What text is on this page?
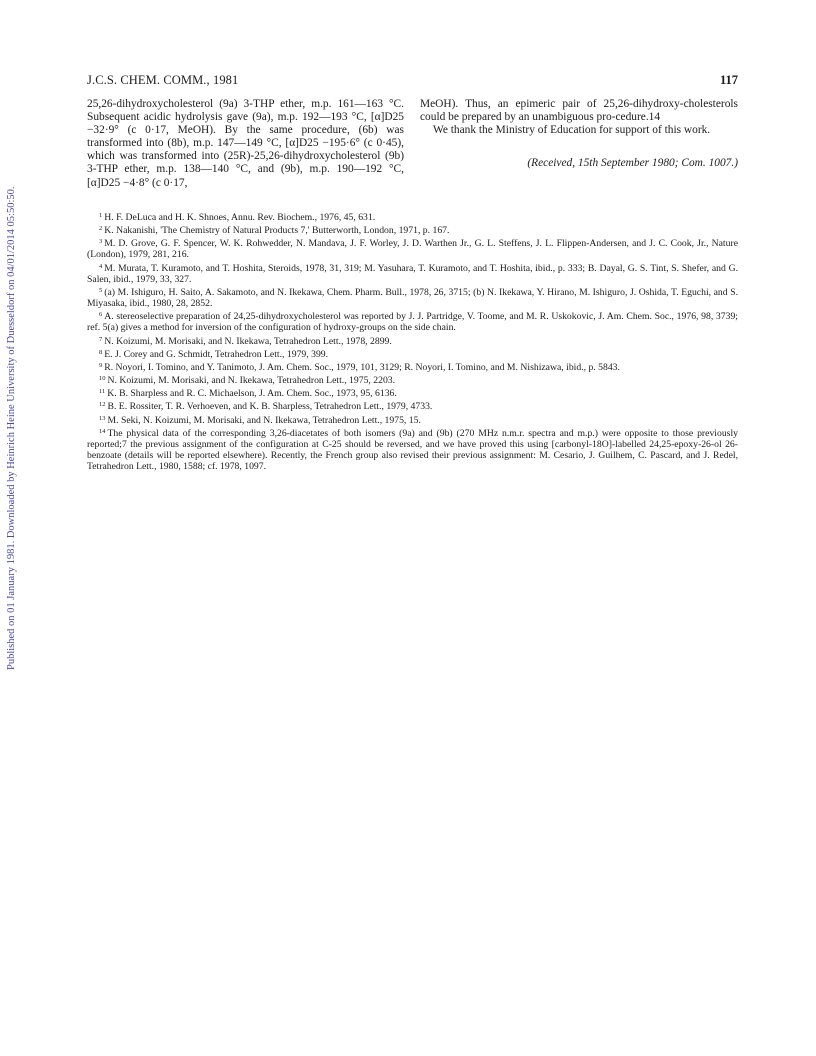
Published on 01 January 1981. Downloaded by Heinrich Heine University of Duesseldorf on 04/01/2014 05:50:50.
J.C.S. CHEM. COMM., 1981	117

25,26-dihydroxycholesterol (9a) 3-THP ether, m.p. 161—163 °C. Subsequent acidic hydrolysis gave (9a), m.p. 192—193 °C, [α]D25 −32·9° (c 0·17, MeOH). By the same procedure, (6b) was transformed into (8b), m.p. 147—149 °C, [α]D25 −195·6° (c 0·45), which was transformed into (25R)-25,26-dihydroxycholesterol (9b) 3-THP ether, m.p. 138—140 °C, and (9b), m.p. 190—192 °C, [α]D25 −4·8° (c 0·17,

MeOH). Thus, an epimeric pair of 25,26-dihydroxy-cholesterols could be prepared by an unambiguous pro-cedure.14

We thank the Ministry of Education for support of this work.

(Received, 15th September 1980; Com. 1007.)

$^1$ H. F. DeLuca and H. K. Shnoes, Annu. Rev. Biochem., 1976, 45, 631.

$^2$ K. Nakanishi, 'The Chemistry of Natural Products 7,' Butterworth, London, 1971, p. 167.

$^3$ M. D. Grove, G. F. Spencer, W. K. Rohwedder, N. Mandava, J. F. Worley, J. D. Warthen Jr., G. L. Steffens, J. L. Flippen-Andersen, and J. C. Cook, Jr., Nature (London), 1979, 281, 216.

$^4$ M. Murata, T. Kuramoto, and T. Hoshita, Steroids, 1978, 31, 319; M. Yasuhara, T. Kuramoto, and T. Hoshita, ibid., p. 333; B. Dayal, G. S. Tint, S. Shefer, and G. Salen, ibid., 1979, 33, 327.

$^5$ (a) M. Ishiguro, H. Saito, A. Sakamoto, and N. Ikekawa, Chem. Pharm. Bull., 1978, 26, 3715; (b) N. Ikekawa, Y. Hirano, M. Ishiguro, J. Oshida, T. Eguchi, and S. Miyasaka, ibid., 1980, 28, 2852.

$^6$ A. stereoselective preparation of 24,25-dihydroxycholesterol was reported by J. J. Partridge, V. Toome, and M. R. Uskokovic, J. Am. Chem. Soc., 1976, 98, 3739; ref. 5(a) gives a method for inversion of the configuration of hydroxy-groups on the side chain.

$^7$ N. Koizumi, M. Morisaki, and N. Ikekawa, Tetrahedron Lett., 1978, 2899.

$^8$ E. J. Corey and G. Schmidt, Tetrahedron Lett., 1979, 399.

$^9$ R. Noyori, I. Tomino, and Y. Tanimoto, J. Am. Chem. Soc., 1979, 101, 3129; R. Noyori, I. Tomino, and M. Nishizawa, ibid., p. 5843.

$^{10}$ N. Koizumi, M. Morisaki, and N. Ikekawa, Tetrahedron Lett., 1975, 2203.

$^{11}$ K. B. Sharpless and R. C. Michaelson, J. Am. Chem. Soc., 1973, 95, 6136.

$^{12}$ B. E. Rossiter, T. R. Verhoeven, and K. B. Sharpless, Tetrahedron Lett., 1979, 4733.

$^{13}$ M. Seki, N. Koizumi, M. Morisaki, and N. Ikekawa, Tetrahedron Lett., 1975, 15.

$^{14}$ The physical data of the corresponding 3,26-diacetates of both isomers (9a) and (9b) (270 MHz n.m.r. spectra and m.p.) were opposite to those previously reported;7 the previous assignment of the configuration at C-25 should be reversed, and we have proved this using [carbonyl-18O]-labelled 24,25-epoxy-26-ol 26-benzoate (details will be reported elsewhere). Recently, the French group also revised their previous assignment: M. Cesario, J. Guilhem, C. Pascard, and J. Redel, Tetrahedron Lett., 1980, 1588; cf. 1978, 1097.
